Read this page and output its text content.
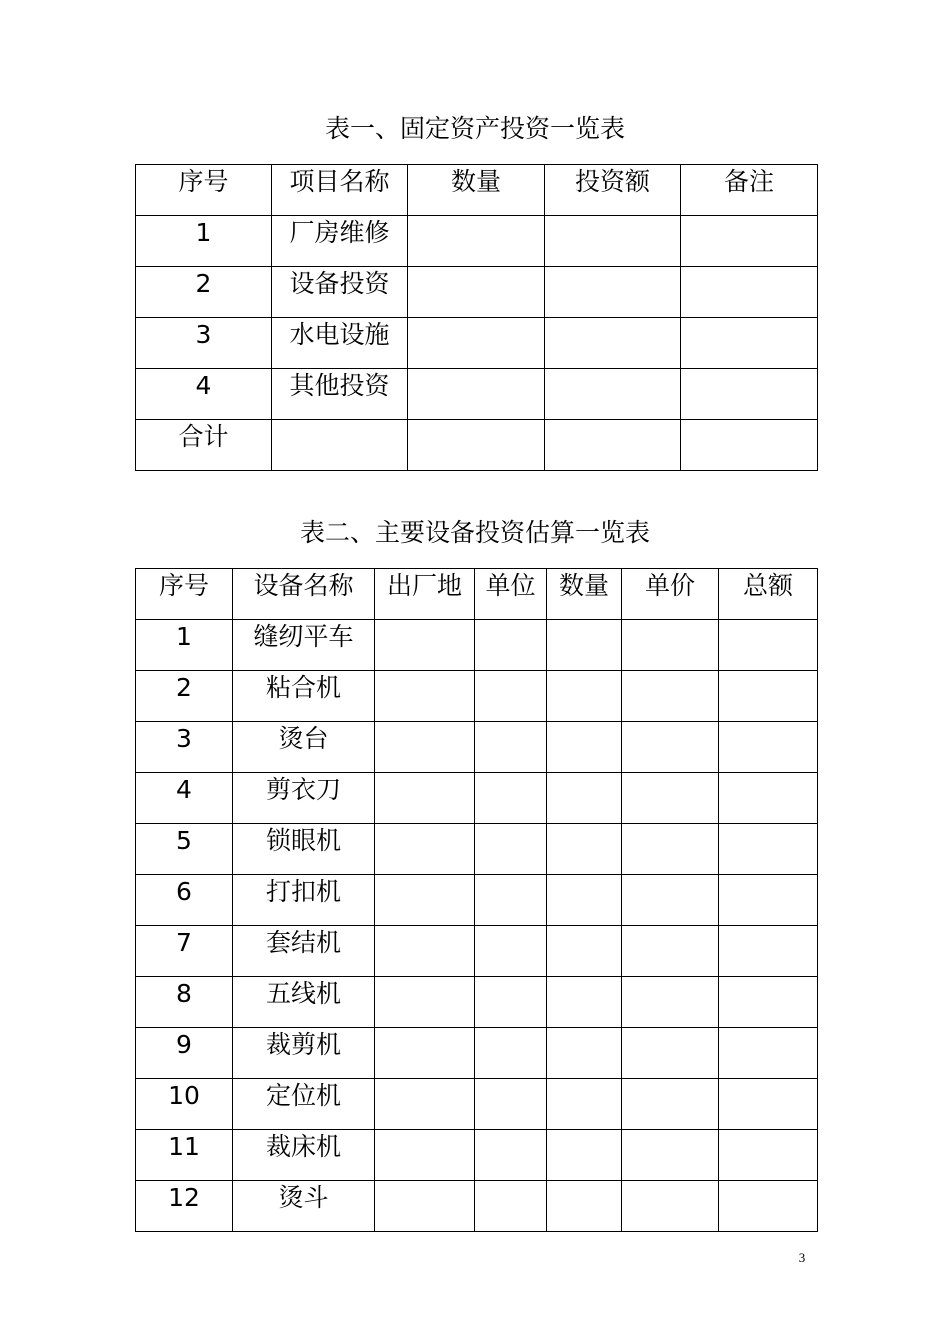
表一、固定资产投资一览表
序号	项目名称	数量	投资额	备注

1	厂房维修			

2	设备投资			

3	水电设施			

4	其他投资			

合计				

表二、主要设备投资估算一览表
序号	设备名称	出厂地	单位	数量	单价	总额

1	缝纫平车					

2	粘合机					

3	烫台					

4	剪衣刀					

5	锁眼机					

6	打扣机					

7	套结机					

8	五线机					

9	裁剪机					

10	定位机					

11	裁床机					

12	烫斗					

3
